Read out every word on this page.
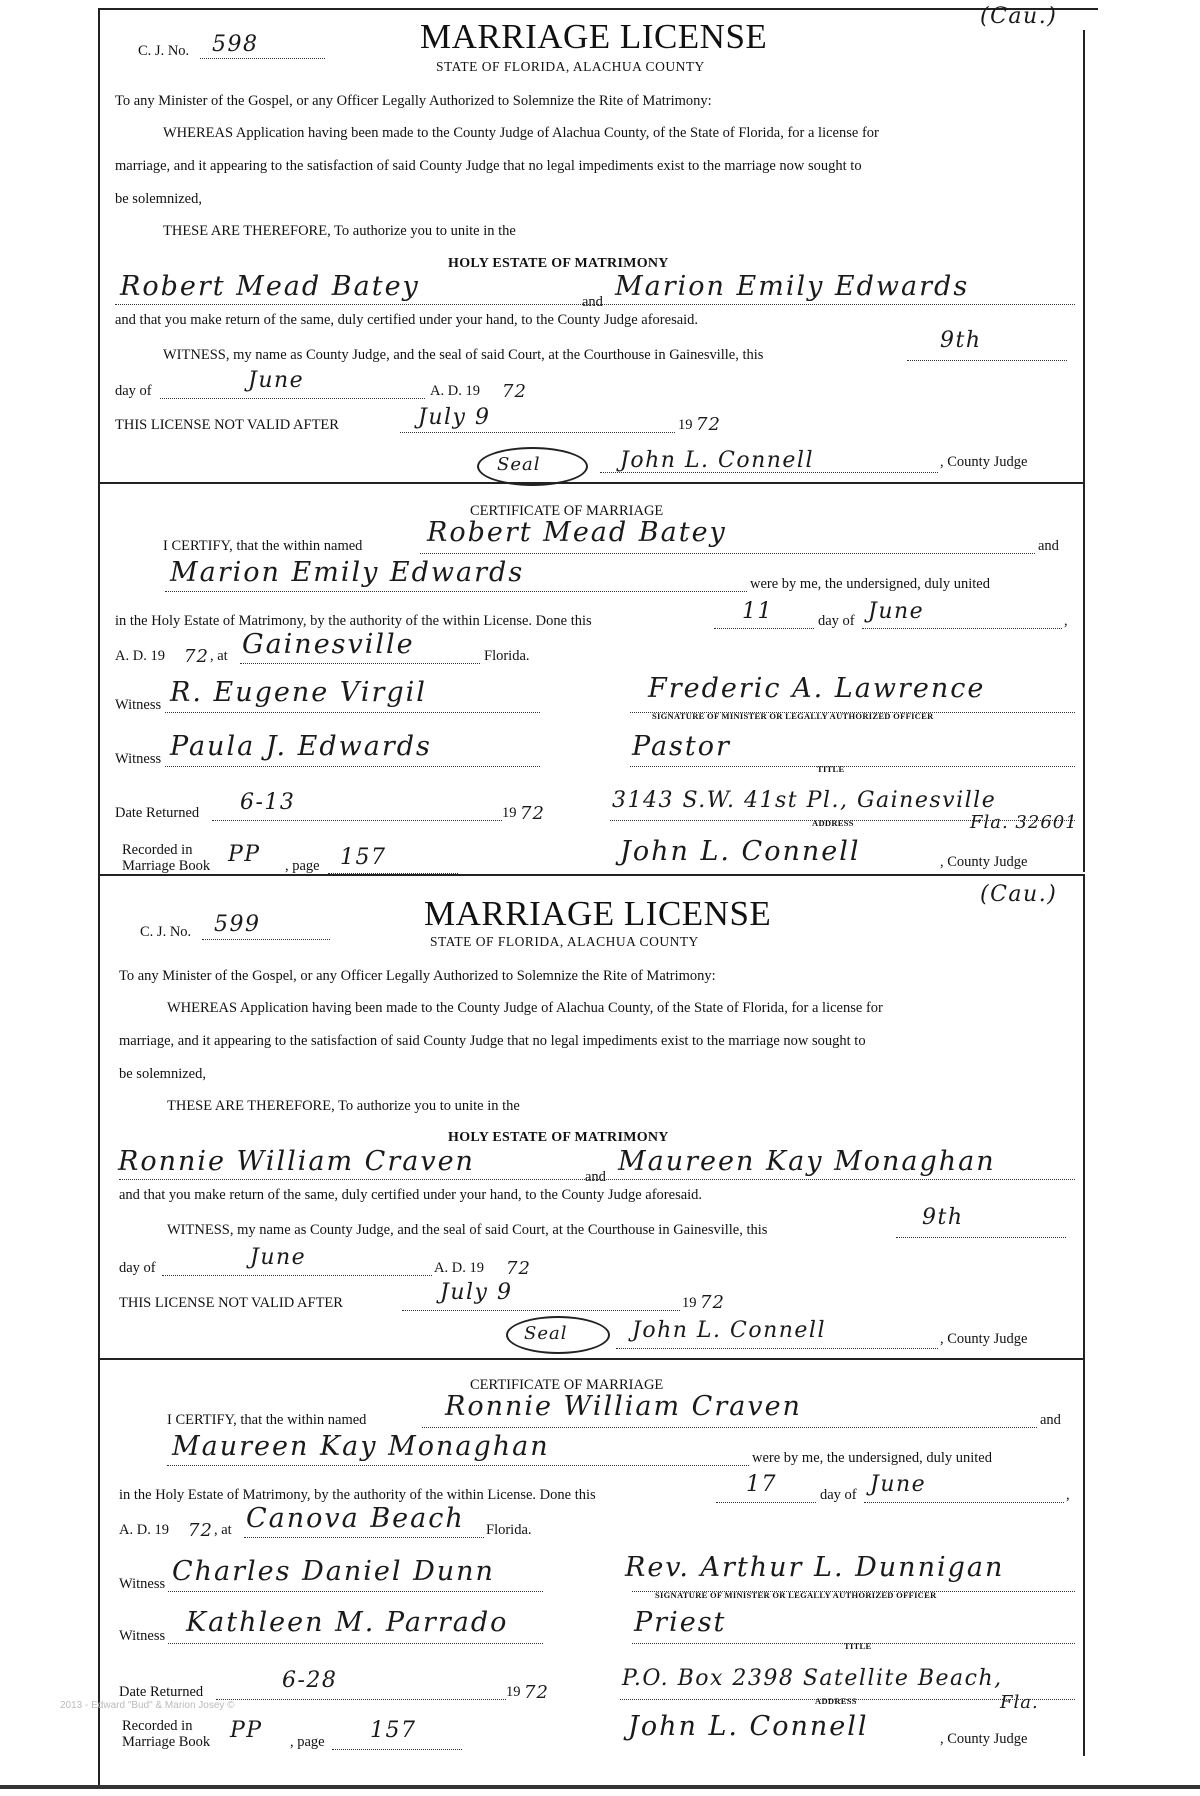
(Cau.)
C. J. No. 598	MARRIAGE LICENSE
STATE OF FLORIDA, ALACHUA COUNTY
To any Minister of the Gospel, or any Officer Legally Authorized to Solemnize the Rite of Matrimony:
WHEREAS Application having been made to the County Judge of Alachua County, of the State of Florida, for a license for
marriage, and it appearing to the satisfaction of said County Judge that no legal impediments exist to the marriage now sought to
be solemnized,
THESE ARE THEREFORE, To authorize you to unite in the
HOLY ESTATE OF MATRIMONY
Robert Mead Batey	and Marion Emily Edwards
and that you make return of the same, duly certified under your hand, to the County Judge aforesaid.
WITNESS, my name as County Judge, and the seal of said Court, at the Courthouse in Gainesville, this
9th
day of	June	A. D. 19 72
THIS LICENSE NOT VALID AFTER	July 9	19 72
Seal	John L. Connell	, County Judge
CERTIFICATE OF MARRIAGE
I CERTIFY, that the within named Robert Mead Batey	and
Marion Emily Edwards	were by me, the undersigned, duly united
in the Holy Estate of Matrimony, by the authority of the within License. Done this	11	day of June	,
A. D. 19 72 , at Gainesville	Florida.
Witness R. Eugene Virgil	Frederic A. Lawrence
SIGNATURE OF MINISTER OR LEGALLY AUTHORIZED OFFICER
Witness Paula J. Edwards	Pastor
TITLE
Date Returned 6-13	19 72
3143 S.W. 41st Pl., Gainesville
Fla. 32601
ADDRESS
Recorded in
Marriage Book PP , page 157	John L. Connell	, County Judge
(Cau.)
C. J. No. 599	MARRIAGE LICENSE
STATE OF FLORIDA, ALACHUA COUNTY
To any Minister of the Gospel, or any Officer Legally Authorized to Solemnize the Rite of Matrimony:
WHEREAS Application having been made to the County Judge of Alachua County, of the State of Florida, for a license for
marriage, and it appearing to the satisfaction of said County Judge that no legal impediments exist to the marriage now sought to
be solemnized,
THESE ARE THEREFORE, To authorize you to unite in the
HOLY ESTATE OF MATRIMONY
Ronnie William Craven	and Maureen Kay Monaghan
and that you make return of the same, duly certified under your hand, to the County Judge aforesaid.
WITNESS, my name as County Judge, and the seal of said Court, at the Courthouse in Gainesville, this	9th
day of	June	A. D. 19 72
THIS LICENSE NOT VALID AFTER	July 9	19 72
Seal	John L. Connell	, County Judge
CERTIFICATE OF MARRIAGE
I CERTIFY, that the within named	Ronnie William Craven	and
Maureen Kay Monaghan	were by me, the undersigned, duly united
in the Holy Estate of Matrimony, by the authority of the within License. Done this	17	day of June	,
A. D. 19 72 , at Canova Beach Florida.
Witness Charles Daniel Dunn	Rev. Arthur L. Dunnigan
SIGNATURE OF MINISTER OR LEGALLY AUTHORIZED OFFICER
Witness Kathleen M. Parrado	Priest
TITLE
Date Returned	6-28	19 72
P.O. Box 2398 Satellite Beach,
Fla.
ADDRESS
Recorded in
Marriage Book PP , page 157	John L. Connell	, County Judge
2013 - Edward "Bud" & Marion Josey ©
